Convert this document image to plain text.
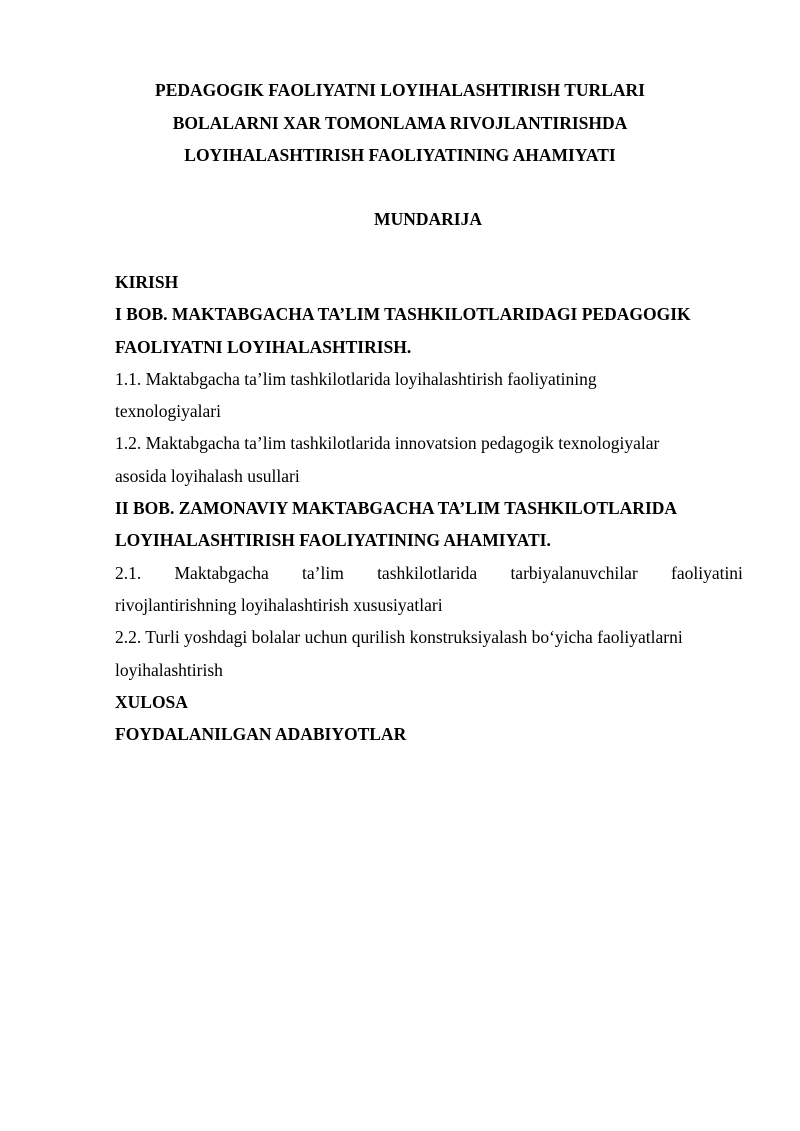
PEDAGOGIK FAOLIYATNI LOYIHALASHTIRISH TURLARI
BOLALARNI XAR TOMONLAMA RIVOJLANTIRISHDA
LOYIHALASHTIRISH FAOLIYATINING AHAMIYATI
MUNDARIJA
KIRISH
I BOB. MAKTABGACHA TA’LIM TASHKILOTLARIDAGI PEDAGOGIK
FAOLIYATNI LOYIHALASHTIRISH.
1.1. Maktabgacha ta’lim tashkilotlarida loyihalashtirish faoliyatining
texnologiyalari
1.2. Maktabgacha ta’lim tashkilotlarida innovatsion pedagogik texnologiyalar
asosida loyihalash usullari
II BOB. ZAMONAVIY MAKTABGACHA TA’LIM TASHKILOTLARIDA
LOYIHALASHTIRISH FAOLIYATINING AHAMIYATI.
2.1. Maktabgacha ta’lim tashkilotlarida tarbiyalanuvchilar faoliyatini
rivojlantirishning loyihalashtirish xususiyatlari
2.2. Turli yoshdagi bolalar uchun qurilish konstruksiyalash bo‘yicha faoliyatlarni
loyihalashtirish
XULOSA
FOYDALANILGAN ADABIYOTLAR
